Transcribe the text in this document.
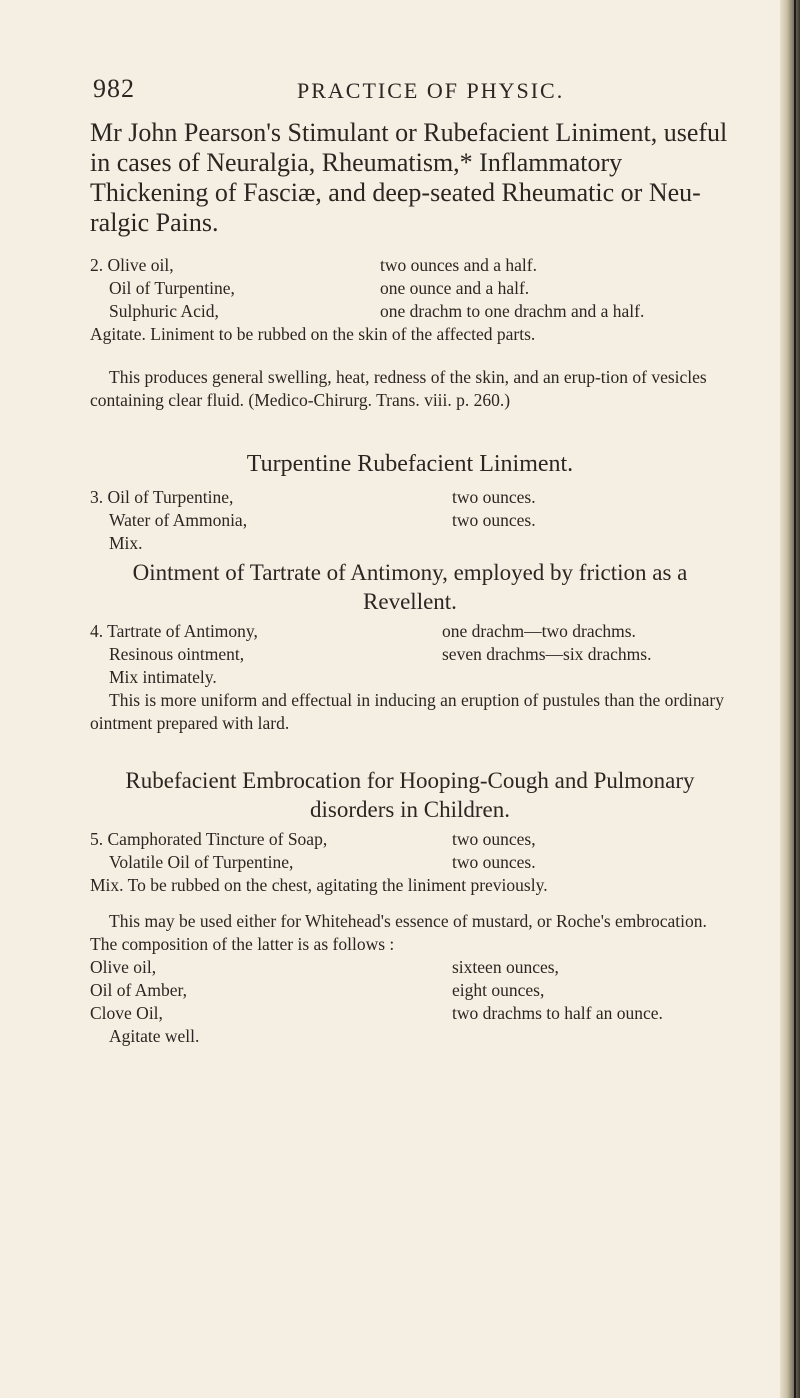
982	PRACTICE OF PHYSIC.
Mr John Pearson's Stimulant or Rubefacient Liniment, useful in cases of Neuralgia, Rheumatism,* Inflammatory Thickening of Fasciæ, and deep-seated Rheumatic or Neu-ralgic Pains.
2. Olive oil,	two ounces and a half.
Oil of Turpentine,	one ounce and a half.
Sulphuric Acid,	one drachm to one drachm and a half.
Agitate. Liniment to be rubbed on the skin of the affected parts.
This produces general swelling, heat, redness of the skin, and an erup-tion of vesicles containing clear fluid. (Medico-Chirurg. Trans. viii. p. 260.)
Turpentine Rubefacient Liniment.
3. Oil of Turpentine,	two ounces.
Water of Ammonia,	two ounces.
Mix.
Ointment of Tartrate of Antimony, employed by friction as a Revellent.
4. Tartrate of Antimony,	one drachm—two drachms.
Resinous ointment,	seven drachms—six drachms.
Mix intimately.
This is more uniform and effectual in inducing an eruption of pustules than the ordinary ointment prepared with lard.
Rubefacient Embrocation for Hooping-Cough and Pulmonary disorders in Children.
5. Camphorated Tincture of Soap,	two ounces,
Volatile Oil of Turpentine,	two ounces.
Mix. To be rubbed on the chest, agitating the liniment previously.
This may be used either for Whitehead's essence of mustard, or Roche's embrocation. The composition of the latter is as follows :
Olive oil,	sixteen ounces,
Oil of Amber,	eight ounces,
Clove Oil,	two drachms to half an ounce.
Agitate well.
